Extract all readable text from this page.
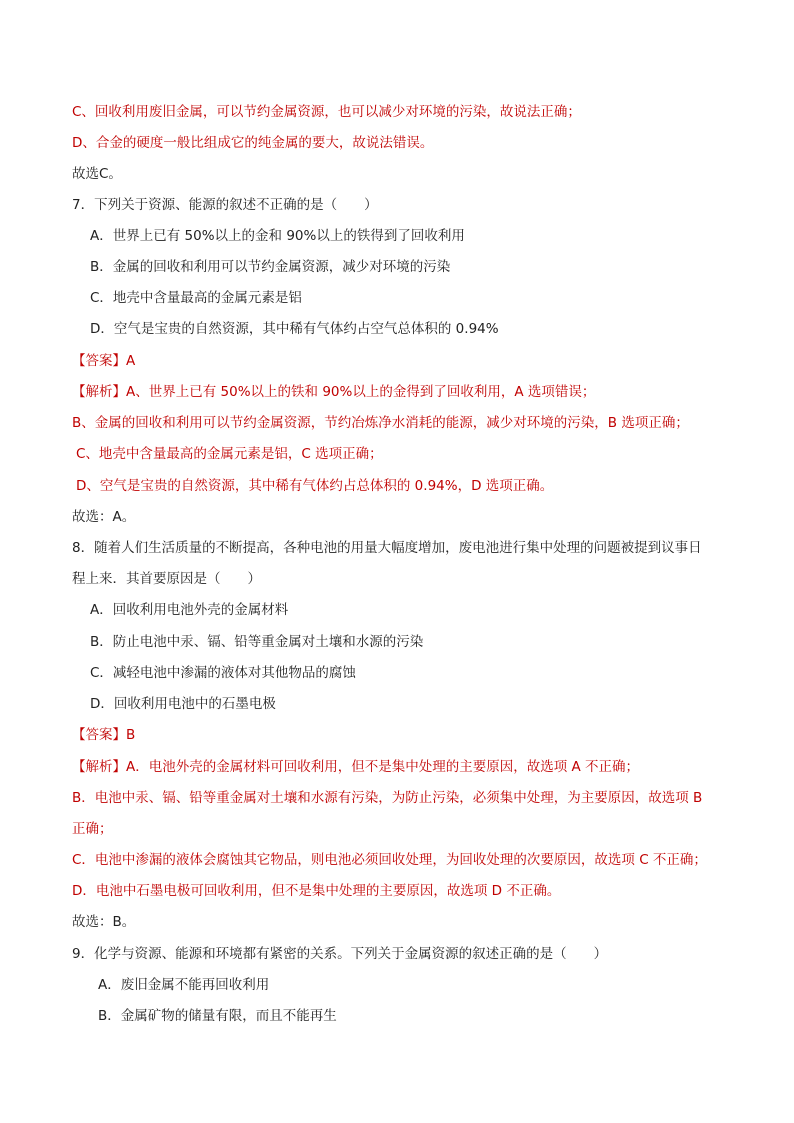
C、回收利用废旧金属，可以节约金属资源，也可以减少对环境的污染，故说法正确；
D、合金的硬度一般比组成它的纯金属的要大，故说法错误。
故选C。
7．下列关于资源、能源的叙述不正确的是（　　）
A．世界上已有 50%以上的金和 90%以上的铁得到了回收利用
B．金属的回收和利用可以节约金属资源，减少对环境的污染
C．地壳中含量最高的金属元素是铝
D．空气是宝贵的自然资源，其中稀有气体约占空气总体积的 0.94%
【答案】A
【解析】A、世界上已有 50%以上的铁和 90%以上的金得到了回收利用，A 选项错误；
B、金属的回收和利用可以节约金属资源，节约冶炼净水消耗的能源，减少对环境的污染，B 选项正确；
C、地壳中含量最高的金属元素是铝，C 选项正确；
D、空气是宝贵的自然资源，其中稀有气体约占总体积的 0.94%，D 选项正确。
故选：A。
8．随着人们生活质量的不断提高，各种电池的用量大幅度增加，废电池进行集中处理的问题被提到议事日
程上来．其首要原因是（　　）
A．回收利用电池外壳的金属材料
B．防止电池中汞、镉、铅等重金属对土壤和水源的污染
C．减轻电池中渗漏的液体对其他物品的腐蚀
D．回收利用电池中的石墨电极
【答案】B
【解析】A．电池外壳的金属材料可回收利用，但不是集中处理的主要原因，故选项 A 不正确；
B．电池中汞、镉、铅等重金属对土壤和水源有污染，为防止污染，必须集中处理，为主要原因，故选项 B
正确；
C．电池中渗漏的液体会腐蚀其它物品，则电池必须回收处理，为回收处理的次要原因，故选项 C 不正确；
D．电池中石墨电极可回收利用，但不是集中处理的主要原因，故选项 D 不正确。
故选：B。
9．化学与资源、能源和环境都有紧密的关系。下列关于金属资源的叙述正确的是（　　）
A．废旧金属不能再回收利用
B．金属矿物的储量有限，而且不能再生
